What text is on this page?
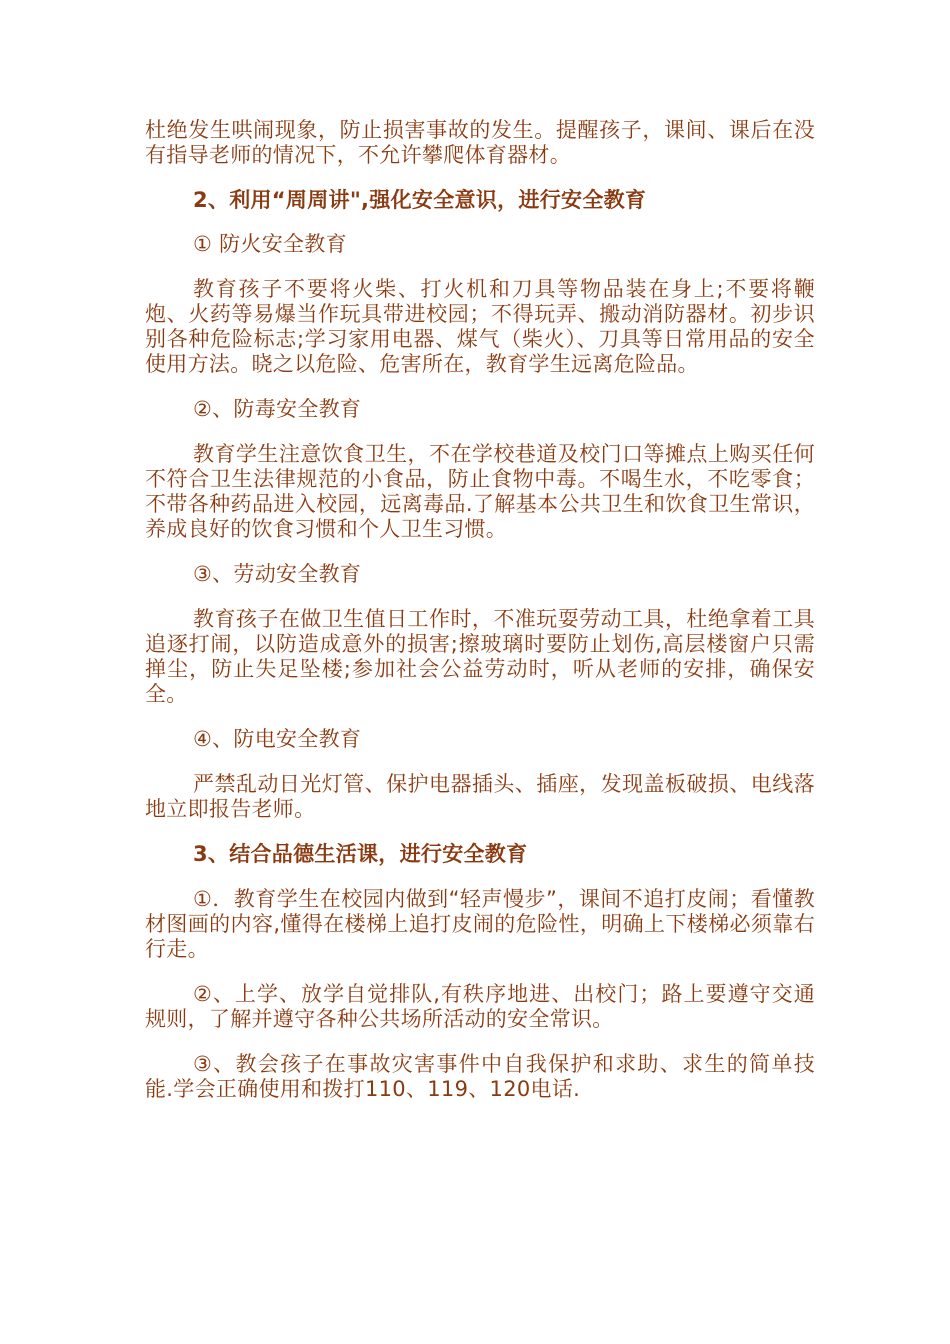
杜绝发生哄闹现象，防止损害事故的发生。提醒孩子，课间、课后在没有指导老师的情况下，不允许攀爬体育器材。

2、利用“周周讲",强化安全意识，进行安全教育

① 防火安全教育

教育孩子不要将火柴、打火机和刀具等物品装在身上;不要将鞭炮、火药等易爆当作玩具带进校园；不得玩弄、搬动消防器材。初步识别各种危险标志;学习家用电器、煤气（柴火）、刀具等日常用品的安全使用方法。晓之以危险、危害所在，教育学生远离危险品。

②、防毒安全教育

教育学生注意饮食卫生，不在学校巷道及校门口等摊点上购买任何不符合卫生法律规范的小食品，防止食物中毒。不喝生水，不吃零食；不带各种药品进入校园，远离毒品.了解基本公共卫生和饮食卫生常识，养成良好的饮食习惯和个人卫生习惯。

③、劳动安全教育

教育孩子在做卫生值日工作时，不准玩耍劳动工具，杜绝拿着工具追逐打闹，以防造成意外的损害;擦玻璃时要防止划伤,高层楼窗户只需掸尘，防止失足坠楼;参加社会公益劳动时，听从老师的安排，确保安全。

④、防电安全教育

严禁乱动日光灯管、保护电器插头、插座，发现盖板破损、电线落地立即报告老师。

3、结合品德生活课，进行安全教育

①．教育学生在校园内做到“轻声慢步”，课间不追打皮闹；看懂教材图画的内容,懂得在楼梯上追打皮闹的危险性，明确上下楼梯必须靠右行走。

②、上学、放学自觉排队,有秩序地进、出校门；路上要遵守交通规则，了解并遵守各种公共场所活动的安全常识。

③、教会孩子在事故灾害事件中自我保护和求助、求生的简单技能.学会正确使用和拨打110、119、120电话.
